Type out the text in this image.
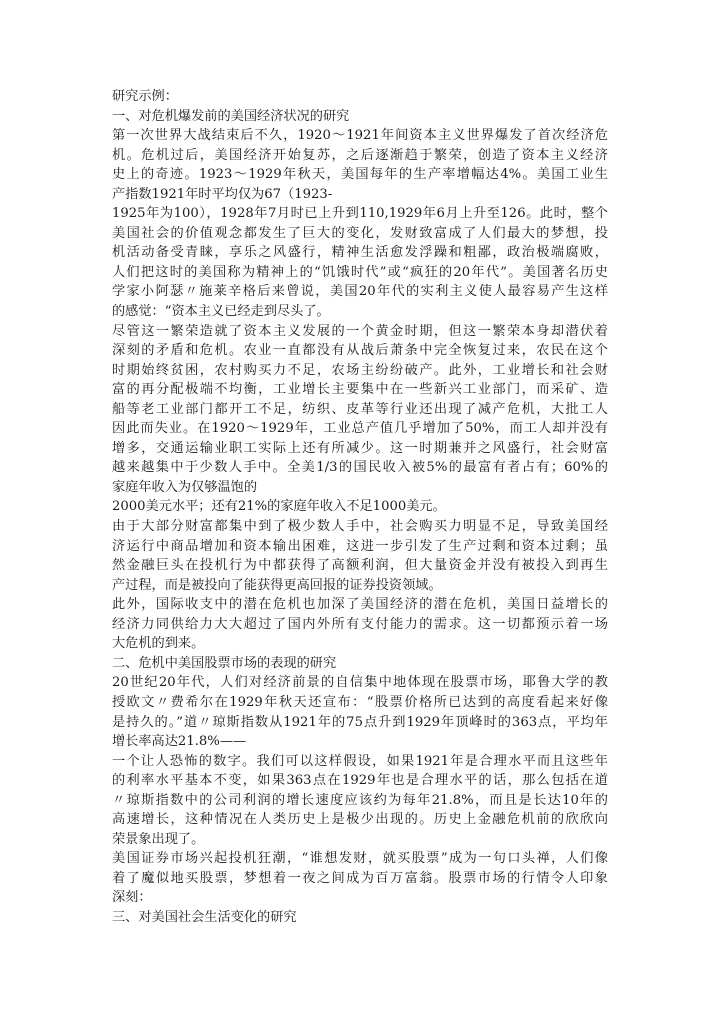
研究示例：
一、对危机爆发前的美国经济状况的研究
第一次世界大战结束后不久，1920～1921年间资本主义世界爆发了首次经济危
机。危机过后，美国经济开始复苏，之后逐渐趋于繁荣，创造了资本主义经济
史上的奇迹。1923～1929年秋天，美国每年的生产率增幅达4%。美国工业生
产指数1921年时平均仅为67（1923-
1925年为100），1928年7月时已上升到110,1929年6月上升至126。此时，整个
美国社会的价值观念都发生了巨大的变化，发财致富成了人们最大的梦想，投
机活动备受青睐，享乐之风盛行，精神生活愈发浮躁和粗鄙，政治极端腐败，
人们把这时的美国称为精神上的“饥饿时代”或“疯狂的20年代”。美国著名历史
学家小阿瑟〃施莱辛格后来曾说，美国20年代的实利主义使人最容易产生这样
的感觉：“资本主义已经走到尽头了。
尽管这一繁荣造就了资本主义发展的一个黄金时期，但这一繁荣本身却潜伏着
深刻的矛盾和危机。农业一直都没有从战后萧条中完全恢复过来，农民在这个
时期始终贫困，农村购买力不足，农场主纷纷破产。此外，工业增长和社会财
富的再分配极端不均衡，工业增长主要集中在一些新兴工业部门，而采矿、造
船等老工业部门都开工不足，纺织、皮革等行业还出现了减产危机，大批工人
因此而失业。在1920～1929年，工业总产值几乎增加了50%，而工人却并没有
增多，交通运输业职工实际上还有所减少。这一时期兼并之风盛行，社会财富
越来越集中于少数人手中。全美1/3的国民收入被5%的最富有者占有；60%的
家庭年收入为仅够温饱的
2000美元水平；还有21%的家庭年收入不足1000美元。
由于大部分财富都集中到了极少数人手中，社会购买力明显不足，导致美国经
济运行中商品增加和资本输出困难，这进一步引发了生产过剩和资本过剩；虽
然金融巨头在投机行为中都获得了高额利润，但大量资金并没有被投入到再生
产过程，而是被投向了能获得更高回报的证券投资领域。
此外，国际收支中的潜在危机也加深了美国经济的潜在危机，美国日益增长的
经济力同供给力大大超过了国内外所有支付能力的需求。这一切都预示着一场
大危机的到来。
二、危机中美国股票市场的表现的研究
20世纪20年代，人们对经济前景的自信集中地体现在股票市场，耶鲁大学的教
授欧文〃费希尔在1929年秋天还宣布：“股票价格所已达到的高度看起来好像
是持久的。”道〃琼斯指数从1921年的75点升到1929年顶峰时的363点，平均年
增长率高达21.8%——
一个让人恐怖的数字。我们可以这样假设，如果1921年是合理水平而且这些年
的利率水平基本不变，如果363点在1929年也是合理水平的话，那么包括在道
〃琼斯指数中的公司利润的增长速度应该约为每年21.8%，而且是长达10年的
高速增长，这种情况在人类历史上是极少出现的。历史上金融危机前的欣欣向
荣景象出现了。
美国证券市场兴起投机狂潮，“谁想发财，就买股票”成为一句口头禅，人们像
着了魔似地买股票，梦想着一夜之间成为百万富翁。股票市场的行情令人印象
深刻：
三、对美国社会生活变化的研究
